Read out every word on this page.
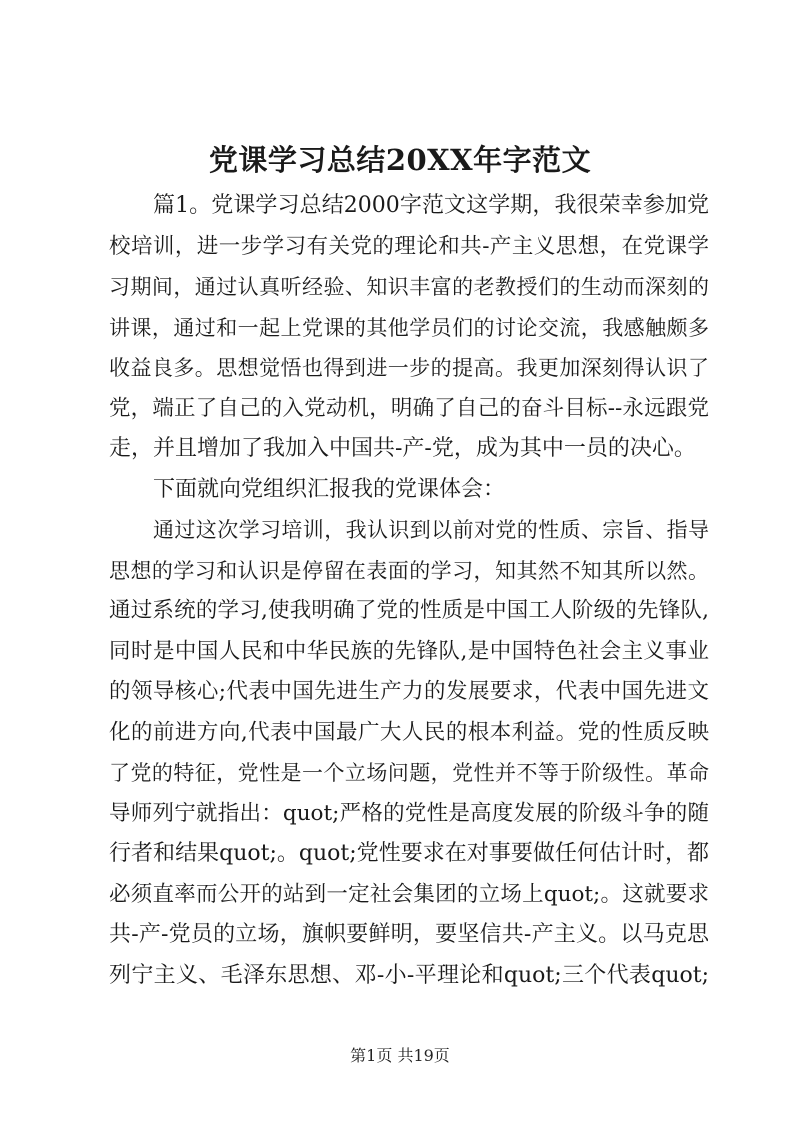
党课学习总结20XX年字范文
篇1。党课学习总结2000字范文这学期，我很荣幸参加党
校培训，进一步学习有关党的理论和共-产主义思想，在党课学
习期间，通过认真听经验、知识丰富的老教授们的生动而深刻的
讲课，通过和一起上党课的其他学员们的讨论交流，我感触颇多
收益良多。思想觉悟也得到进一步的提高。我更加深刻得认识了
党，端正了自己的入党动机，明确了自己的奋斗目标--永远跟党
走，并且增加了我加入中国共-产-党，成为其中一员的决心。
下面就向党组织汇报我的党课体会：
通过这次学习培训，我认识到以前对党的性质、宗旨、指导
思想的学习和认识是停留在表面的学习，知其然不知其所以然。
通过系统的学习,使我明确了党的性质是中国工人阶级的先锋队,
同时是中国人民和中华民族的先锋队,是中国特色社会主义事业
的领导核心;代表中国先进生产力的发展要求，代表中国先进文
化的前进方向,代表中国最广大人民的根本利益。党的性质反映
了党的特征，党性是一个立场问题，党性并不等于阶级性。革命
导师列宁就指出：quot;严格的党性是高度发展的阶级斗争的随
行者和结果quot;。quot;党性要求在对事要做任何估计时，都
必须直率而公开的站到一定社会集团的立场上quot;。这就要求
共-产-党员的立场，旗帜要鲜明，要坚信共-产主义。以马克思
列宁主义、毛泽东思想、邓-小-平理论和quot;三个代表quot;
第1页 共19页
